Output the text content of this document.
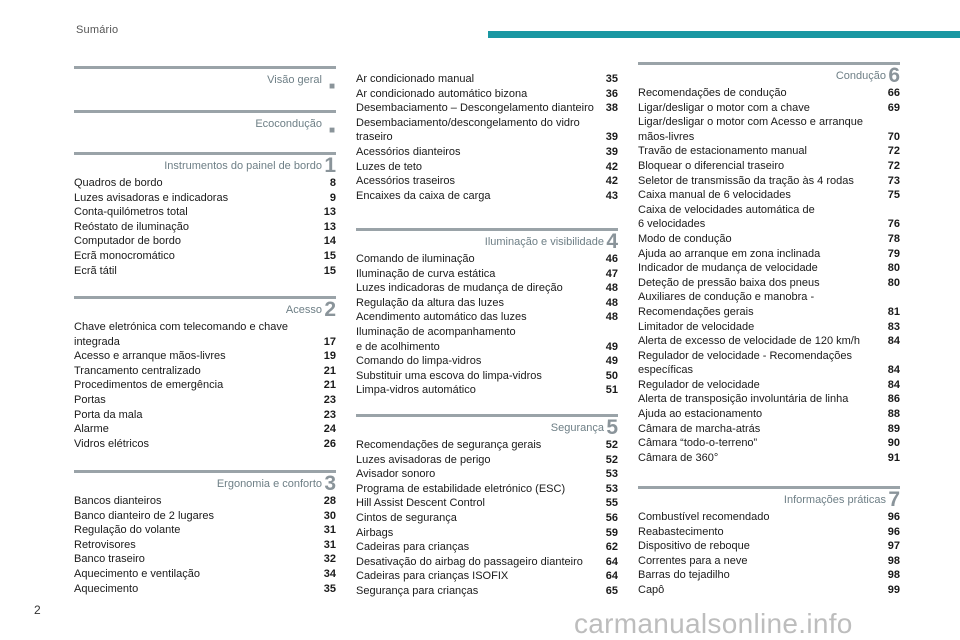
Sumário
Visão geral
■
Ecocondução
■
Instrumentos do painel de bordo 1
Quadros de bordo	8
Luzes avisadoras e indicadoras	9
Conta-quilómetros total	13
Reóstato de iluminação	13
Computador de bordo	14
Ecrã monocromático	15
Ecrã tátil	15
Acesso 2
Chave eletrónica com telecomando e chave
integrada	17
Acesso e arranque mãos-livres	19
Trancamento centralizado	21
Procedimentos de emergência	21
Portas	23
Porta da mala	23
Alarme	24
Vidros elétricos	26
Ergonomia e conforto 3
Bancos dianteiros	28
Banco dianteiro de 2 lugares	30
Regulação do volante	31
Retrovisores	31
Banco traseiro	32
Aquecimento e ventilação	34
Aquecimento	35
Ar condicionado manual	35
Ar condicionado automático bizona	36
Desembaciamento – Descongelamento dianteiro	38
Desembaciamento/descongelamento do vidro
traseiro	39
Acessórios dianteiros	39
Luzes de teto	42
Acessórios traseiros	42
Encaixes da caixa de carga	43
Iluminação e visibilidade 4
Comando de iluminação	46
Iluminação de curva estática	47
Luzes indicadoras de mudança de direção	48
Regulação da altura das luzes	48
Acendimento automático das luzes	48
Iluminação de acompanhamento
e de acolhimento	49
Comando do limpa-vidros	49
Substituir uma escova do limpa-vidros	50
Limpa-vidros automático	51
Segurança 5
Recomendações de segurança gerais	52
Luzes avisadoras de perigo	52
Avisador sonoro	53
Programa de estabilidade eletrónico (ESC)	53
Hill Assist Descent Control	55
Cintos de segurança	56
Airbags	59
Cadeiras para crianças	62
Desativação do airbag do passageiro dianteiro	64
Cadeiras para crianças ISOFIX	64
Segurança para crianças	65
Condução 6
Recomendações de condução	66
Ligar/desligar o motor com a chave	69
Ligar/desligar o motor com Acesso e arranque
mãos-livres	70
Travão de estacionamento manual	72
Bloquear o diferencial traseiro	72
Seletor de transmissão da tração às 4 rodas	73
Caixa manual de 6 velocidades	75
Caixa de velocidades automática de
6 velocidades	76
Modo de condução	78
Ajuda ao arranque em zona inclinada	79
Indicador de mudança de velocidade	80
Deteção de pressão baixa dos pneus	80
Auxiliares de condução e manobra -
Recomendações gerais	81
Limitador de velocidade	83
Alerta de excesso de velocidade de 120 km/h	84
Regulador de velocidade - Recomendações
específicas	84
Regulador de velocidade	84
Alerta de transposição involuntária de linha	86
Ajuda ao estacionamento	88
Câmara de marcha-atrás	89
Câmara “todo-o-terreno”	90
Câmara de 360°	91
Informações práticas 7
Combustível recomendado	96
Reabastecimento	96
Dispositivo de reboque	97
Correntes para a neve	98
Barras do tejadilho	98
Capô	99
2	carmanualsonline.info
